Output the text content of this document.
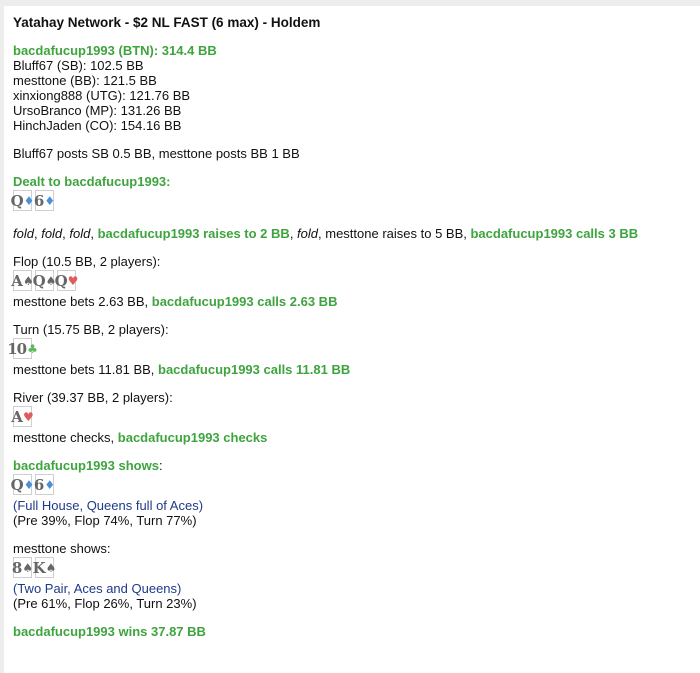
Yatahay Network - $2 NL FAST (6 max) - Holdem
bacdafucup1993 (BTN): 314.4 BB
Bluff67 (SB): 102.5 BB
mesttone (BB): 121.5 BB
xinxiong888 (UTG): 121.76 BB
UrsoBranco (MP): 131.26 BB
HinchJaden (CO): 154.16 BB
Bluff67 posts SB 0.5 BB, mesttone posts BB 1 BB
Dealt to bacdafucup1993:
Q ♦ 6 ♦
fold, fold, fold, bacdafucup1993 raises to 2 BB, fold, mesttone raises to 5 BB, bacdafucup1993 calls 3 BB
Flop (10.5 BB, 2 players):
A ♠
Q ♠
Q ♥
mesttone bets 2.63 BB, bacdafucup1993 calls 2.63 BB
Turn (15.75 BB, 2 players):
10 ♣
mesttone bets 11.81 BB, bacdafucup1993 calls 11.81 BB
River (39.37 BB, 2 players):
A ♥
mesttone checks, bacdafucup1993 checks
bacdafucup1993 shows:
Q ♦ 6 ♦
(Full House, Queens full of Aces)
(Pre 39%, Flop 74%, Turn 77%)
mesttone shows:
8 ♠ K ♠
(Two Pair, Aces and Queens)
(Pre 61%, Flop 26%, Turn 23%)
bacdafucup1993 wins 37.87 BB
